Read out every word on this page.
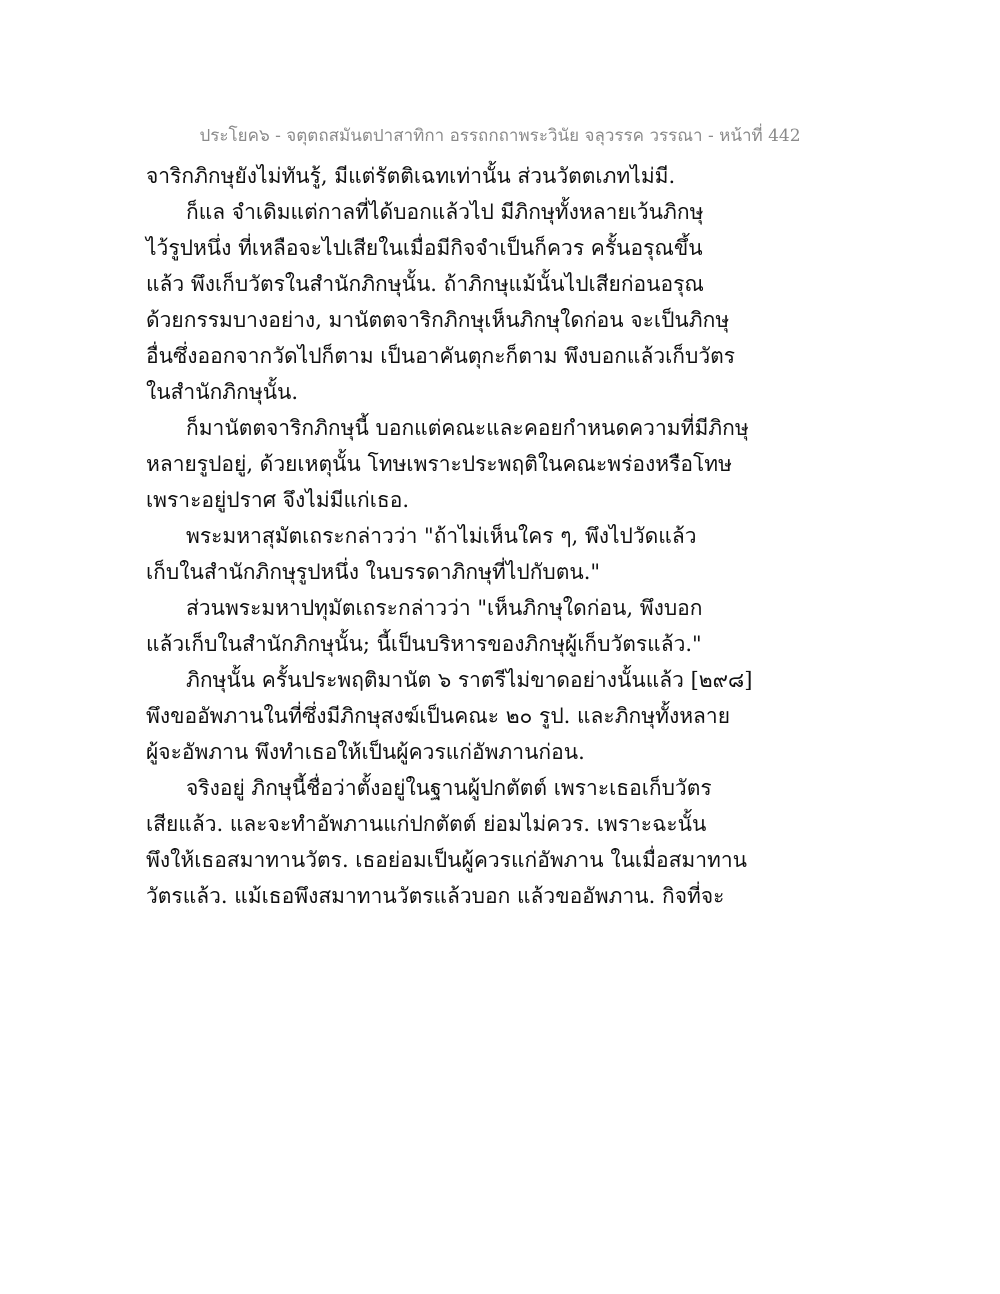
ประโยค๖ - จตุตถสมันตปาสาทิกา อรรถกถาพระวินัย จลุวรรค วรรณา - หน้าที่ 442
จาริกภิกษุยังไม่ทันรู้, มีแต่รัตติเฉทเท่านั้น ส่วนวัตตเภทไม่มี.
ก็แล จำเดิมแต่กาลที่ได้บอกแล้วไป มีภิกษุทั้งหลายเว้นภิกษุ
ไว้รูปหนึ่ง ที่เหลือจะไปเสียในเมื่อมีกิจจำเป็นก็ควร ครั้นอรุณขึ้น
แล้ว พึงเก็บวัตรในสำนักภิกษุนั้น. ถ้าภิกษุแม้นั้นไปเสียก่อนอรุณ
ด้วยกรรมบางอย่าง, มานัตตจาริกภิกษุเห็นภิกษุใดก่อน จะเป็นภิกษุ
อื่นซึ่งออกจากวัดไปก็ตาม เป็นอาคันตุกะก็ตาม พึงบอกแล้วเก็บวัตร
ในสำนักภิกษุนั้น.
ก็มานัตตจาริกภิกษุนี้ บอกแต่คณะและคอยกำหนดความที่มีภิกษุ
หลายรูปอยู่, ด้วยเหตุนั้น โทษเพราะประพฤติในคณะพร่องหรือโทษ
เพราะอยู่ปราศ จึงไม่มีแก่เธอ.
พระมหาสุมัตเถระกล่าวว่า "ถ้าไม่เห็นใคร ๆ, พึงไปวัดแล้ว
เก็บในสำนักภิกษุรูปหนึ่ง ในบรรดาภิกษุที่ไปกับตน."
ส่วนพระมหาปทุมัตเถระกล่าวว่า "เห็นภิกษุใดก่อน, พึงบอก
แล้วเก็บในสำนักภิกษุนั้น; นี้เป็นบริหารของภิกษุผู้เก็บวัตรแล้ว."
ภิกษุนั้น ครั้นประพฤติมานัต ๖ ราตรีไม่ขาดอย่างนั้นแล้ว [๒๙๘]
พึงขออัพภานในที่ซึ่งมีภิกษุสงฆ์เป็นคณะ ๒๐ รูป. และภิกษุทั้งหลาย
ผู้จะอัพภาน พึงทำเธอให้เป็นผู้ควรแก่อัพภานก่อน.
จริงอยู่ ภิกษุนี้ชื่อว่าตั้งอยู่ในฐานผู้ปกตัตต์ เพราะเธอเก็บวัตร
เสียแล้ว. และจะทำอัพภานแก่ปกตัตต์ ย่อมไม่ควร. เพราะฉะนั้น
พึงให้เธอสมาทานวัตร. เธอย่อมเป็นผู้ควรแก่อัพภาน ในเมื่อสมาทาน
วัตรแล้ว. แม้เธอพึงสมาทานวัตรแล้วบอก แล้วขออัพภาน. กิจที่จะ
